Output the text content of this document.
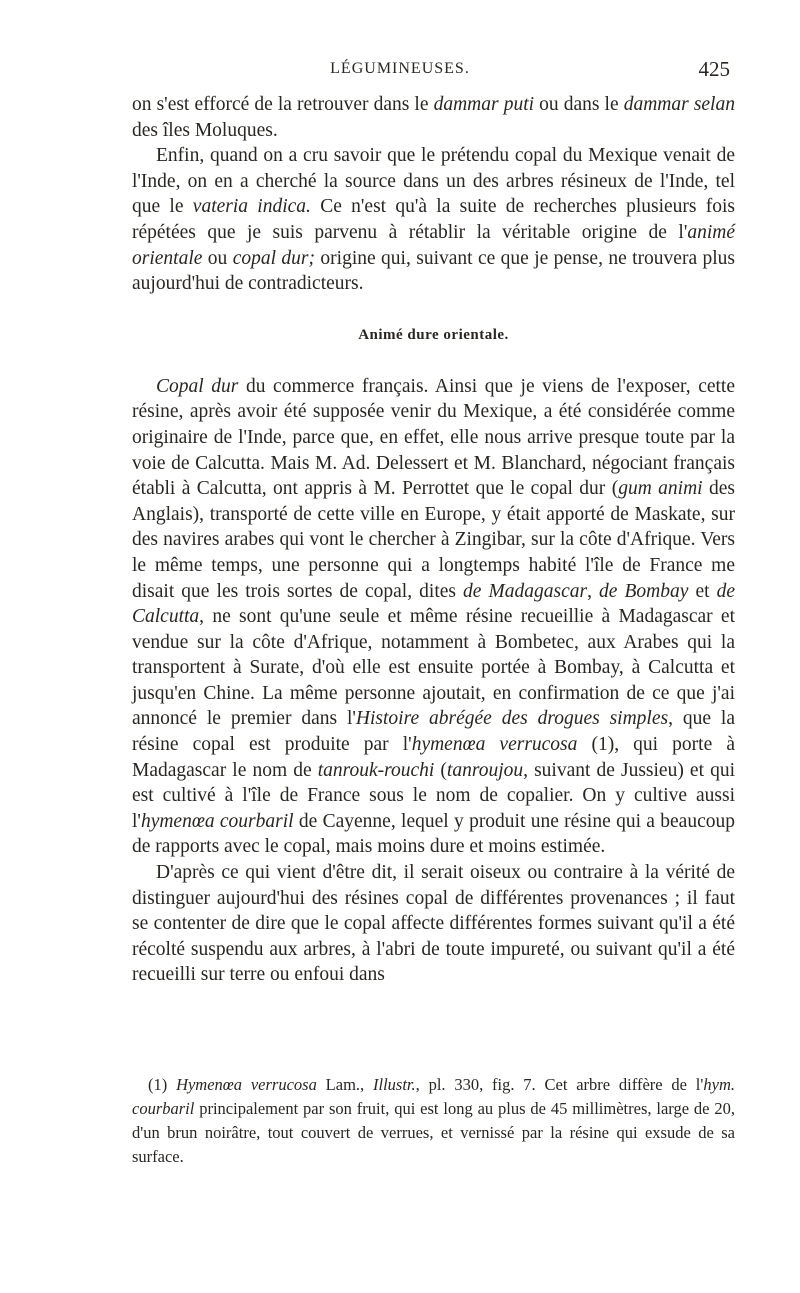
LÉGUMINEUSES.	425

on s'est efforcé de la retrouver dans le dammar puti ou dans le dammar selan des îles Moluques.

Enfin, quand on a cru savoir que le prétendu copal du Mexique venait de l'Inde, on en a cherché la source dans un des arbres résineux de l'Inde, tel que le vateria indica. Ce n'est qu'à la suite de recherches plusieurs fois répétées que je suis parvenu à rétablir la véritable origine de l'animé orientale ou copal dur; origine qui, suivant ce que je pense, ne trouvera plus aujourd'hui de contradicteurs.

Animé dure orientale.

Copal dur du commerce français. Ainsi que je viens de l'exposer, cette résine, après avoir été supposée venir du Mexique, a été considérée comme originaire de l'Inde, parce que, en effet, elle nous arrive presque toute par la voie de Calcutta. Mais M. Ad. Delessert et M. Blanchard, négociant français établi à Calcutta, ont appris à M. Perrottet que le copal dur (gum animi des Anglais), transporté de cette ville en Europe, y était apporté de Maskate, sur des navires arabes qui vont le chercher à Zingibar, sur la côte d'Afrique. Vers le même temps, une personne qui a longtemps habité l'île de France me disait que les trois sortes de copal, dites de Madagascar, de Bombay et de Calcutta, ne sont qu'une seule et même résine recueillie à Madagascar et vendue sur la côte d'Afrique, notamment à Bombetec, aux Arabes qui la transportent à Surate, d'où elle est ensuite portée à Bombay, à Calcutta et jusqu'en Chine. La même personne ajoutait, en confirmation de ce que j'ai annoncé le premier dans l'Histoire abrégée des drogues simples, que la résine copal est produite par l'hymenœa verrucosa (1), qui porte à Madagascar le nom de tanrouk-rouchi (tanroujou, suivant de Jussieu) et qui est cultivé à l'île de France sous le nom de copalier. On y cultive aussi l'hymenœa courbaril de Cayenne, lequel y produit une résine qui a beaucoup de rapports avec le copal, mais moins dure et moins estimée.

D'après ce qui vient d'être dit, il serait oiseux ou contraire à la vérité de distinguer aujourd'hui des résines copal de différentes provenances ; il faut se contenter de dire que le copal affecte différentes formes suivant qu'il a été récolté suspendu aux arbres, à l'abri de toute impureté, ou suivant qu'il a été recueilli sur terre ou enfoui dans

(1) Hymenœa verrucosa Lam., Illustr., pl. 330, fig. 7. Cet arbre diffère de l'hym. courbaril principalement par son fruit, qui est long au plus de 45 millimètres, large de 20, d'un brun noirâtre, tout couvert de verrues, et vernissé par la résine qui exsude de sa surface.
